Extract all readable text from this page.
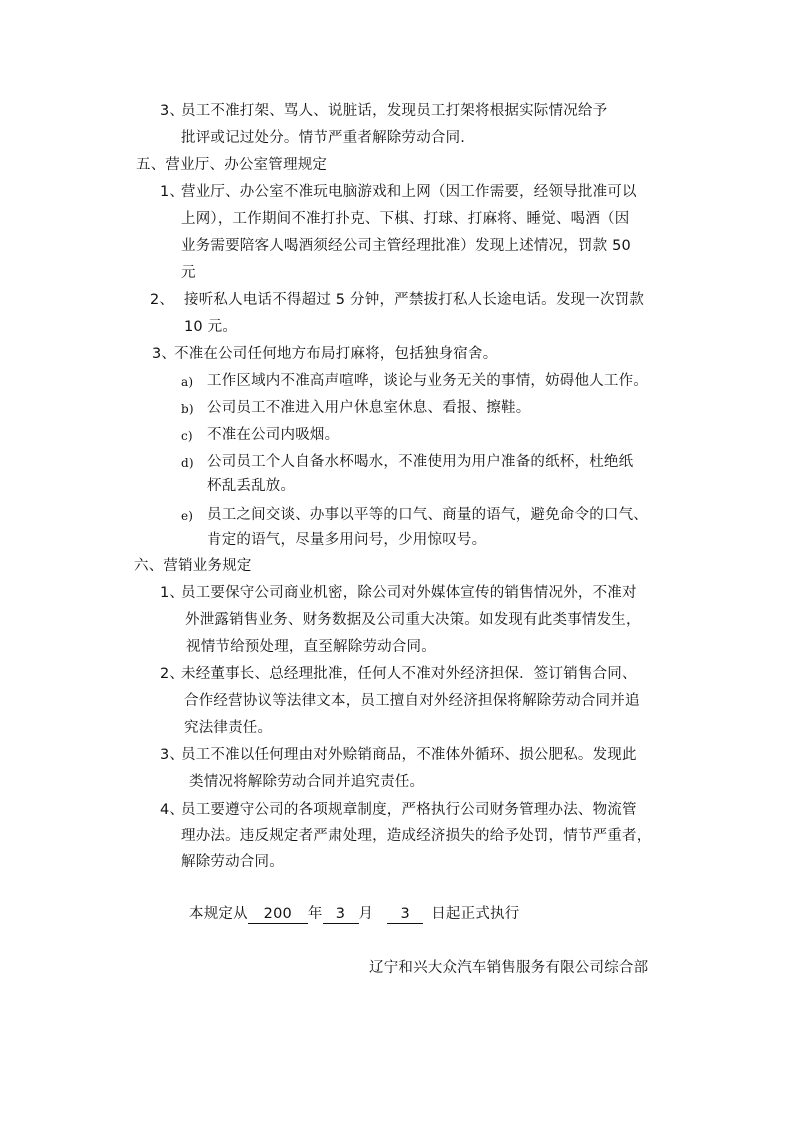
3、
员工不准打架、骂人、说脏话，发现员工打架将根据实际情况给予
批评或记过处分。情节严重者解除劳动合同.
五、营业厅、办公室管理规定
1、
营业厅、办公室不准玩电脑游戏和上网（因工作需要，经领导批准可以
上网），工作期间不准打扑克、下棋、打球、打麻将、睡觉、喝酒（因
业务需要陪客人喝酒须经公司主管经理批准）发现上述情况，罚款 50
元
2、 接听私人电话不得超过 5 分钟，严禁拔打私人长途电话。发现一次罚款
10 元。
3、
不准在公司任何地方布局打麻将，包括独身宿舍。
a) 工作区域内不准高声喧哗，谈论与业务无关的事情，妨碍他人工作。
b) 公司员工不准进入用户休息室休息、看报、擦鞋。
c) 不准在公司内吸烟。
d) 公司员工个人自备水杯喝水，不准使用为用户准备的纸杯，杜绝纸
杯乱丢乱放。
e) 员工之间交谈、办事以平等的口气、商量的语气，避免命令的口气、
肯定的语气，尽量多用问号，少用惊叹号。
六、营销业务规定
1、
员工要保守公司商业机密，除公司对外媒体宣传的销售情况外，不准对
外泄露销售业务、财务数据及公司重大决策。如发现有此类事情发生，
视情节给预处理，直至解除劳动合同。
2、
未经董事长、总经理批准，任何人不准对外经济担保．签订销售合同、
合作经营协议等法律文本，员工擅自对外经济担保将解除劳动合同并追
究法律责任。
3、
员工不准以任何理由对外赊销商品，不准体外循环、损公肥私。发现此
类情况将解除劳动合同并追究责任。
4、
员工要遵守公司的各项规章制度，严格执行公司财务管理办法、物流管
理办法。违反规定者严肃处理，造成经济损失的给予处罚，情节严重者，
解除劳动合同。
本规定从 200 年 3 月 3 日起正式执行
辽宁和兴大众汽车销售服务有限公司综合部
